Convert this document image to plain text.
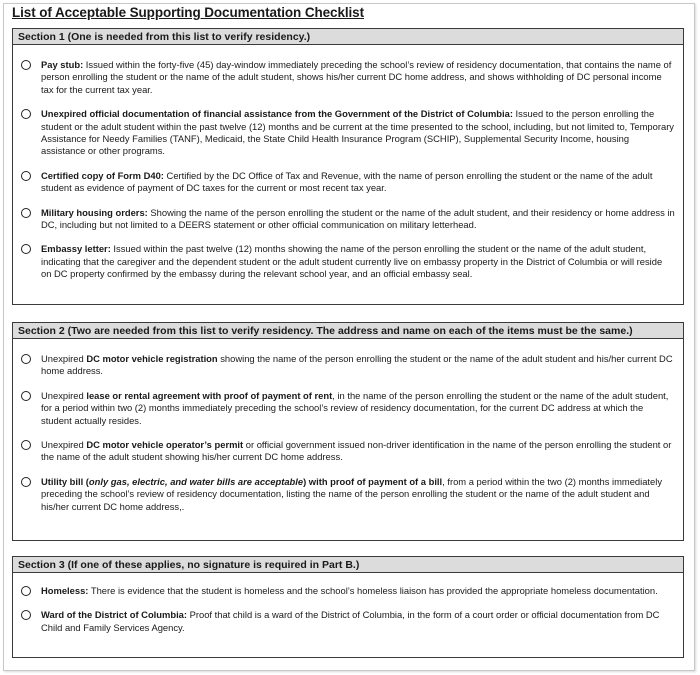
List of Acceptable Supporting Documentation Checklist
Section 1 (One is needed from this list to verify residency.)
Pay stub: Issued within the forty-five (45) day-window immediately preceding the school’s review of residency documentation, that contains the name of person enrolling the student or the name of the adult student, shows his/her current DC home address, and shows withholding of DC personal income tax for the current tax year.
Unexpired official documentation of financial assistance from the Government of the District of Columbia: Issued to the person enrolling the student or the adult student within the past twelve (12) months and be current at the time presented to the school, including, but not limited to, Temporary Assistance for Needy Families (TANF), Medicaid, the State Child Health Insurance Program (SCHIP), Supplemental Security Income, housing assistance or other programs.
Certified copy of Form D40: Certified by the DC Office of Tax and Revenue, with the name of person enrolling the student or the name of the adult student as evidence of payment of DC taxes for the current or most recent tax year.
Military housing orders: Showing the name of the person enrolling the student or the name of the adult student, and their residency or home address in DC, including but not limited to a DEERS statement or other official communication on military letterhead.
Embassy letter: Issued within the past twelve (12) months showing the name of the person enrolling the student or the name of the adult student, indicating that the caregiver and the dependent student or the adult student currently live on embassy property in the District of Columbia or will reside on DC property confirmed by the embassy during the relevant school year, and an official embassy seal.
Section 2 (Two are needed from this list to verify residency. The address and name on each of the items must be the same.)
Unexpired DC motor vehicle registration showing the name of the person enrolling the student or the name of the adult student and his/her current DC home address.
Unexpired lease or rental agreement with proof of payment of rent, in the name of the person enrolling the student or the name of the adult student, for a period within two (2) months immediately preceding the school’s review of residency documentation, for the current DC address at which the student actually resides.
Unexpired DC motor vehicle operator’s permit or official government issued non-driver identification in the name of the person enrolling the student or the name of the adult student showing his/her current DC home address.
Utility bill (only gas, electric, and water bills are acceptable) with proof of payment of a bill, from a period within the two (2) months immediately preceding the school’s review of residency documentation, listing the name of the person enrolling the student or the name of the adult student and his/her current DC home address,.
Section 3 (If one of these applies, no signature is required in Part B.)
Homeless: There is evidence that the student is homeless and the school’s homeless liaison has provided the appropriate homeless documentation.
Ward of the District of Columbia: Proof that child is a ward of the District of Columbia, in the form of a court order or official documentation from DC Child and Family Services Agency.
